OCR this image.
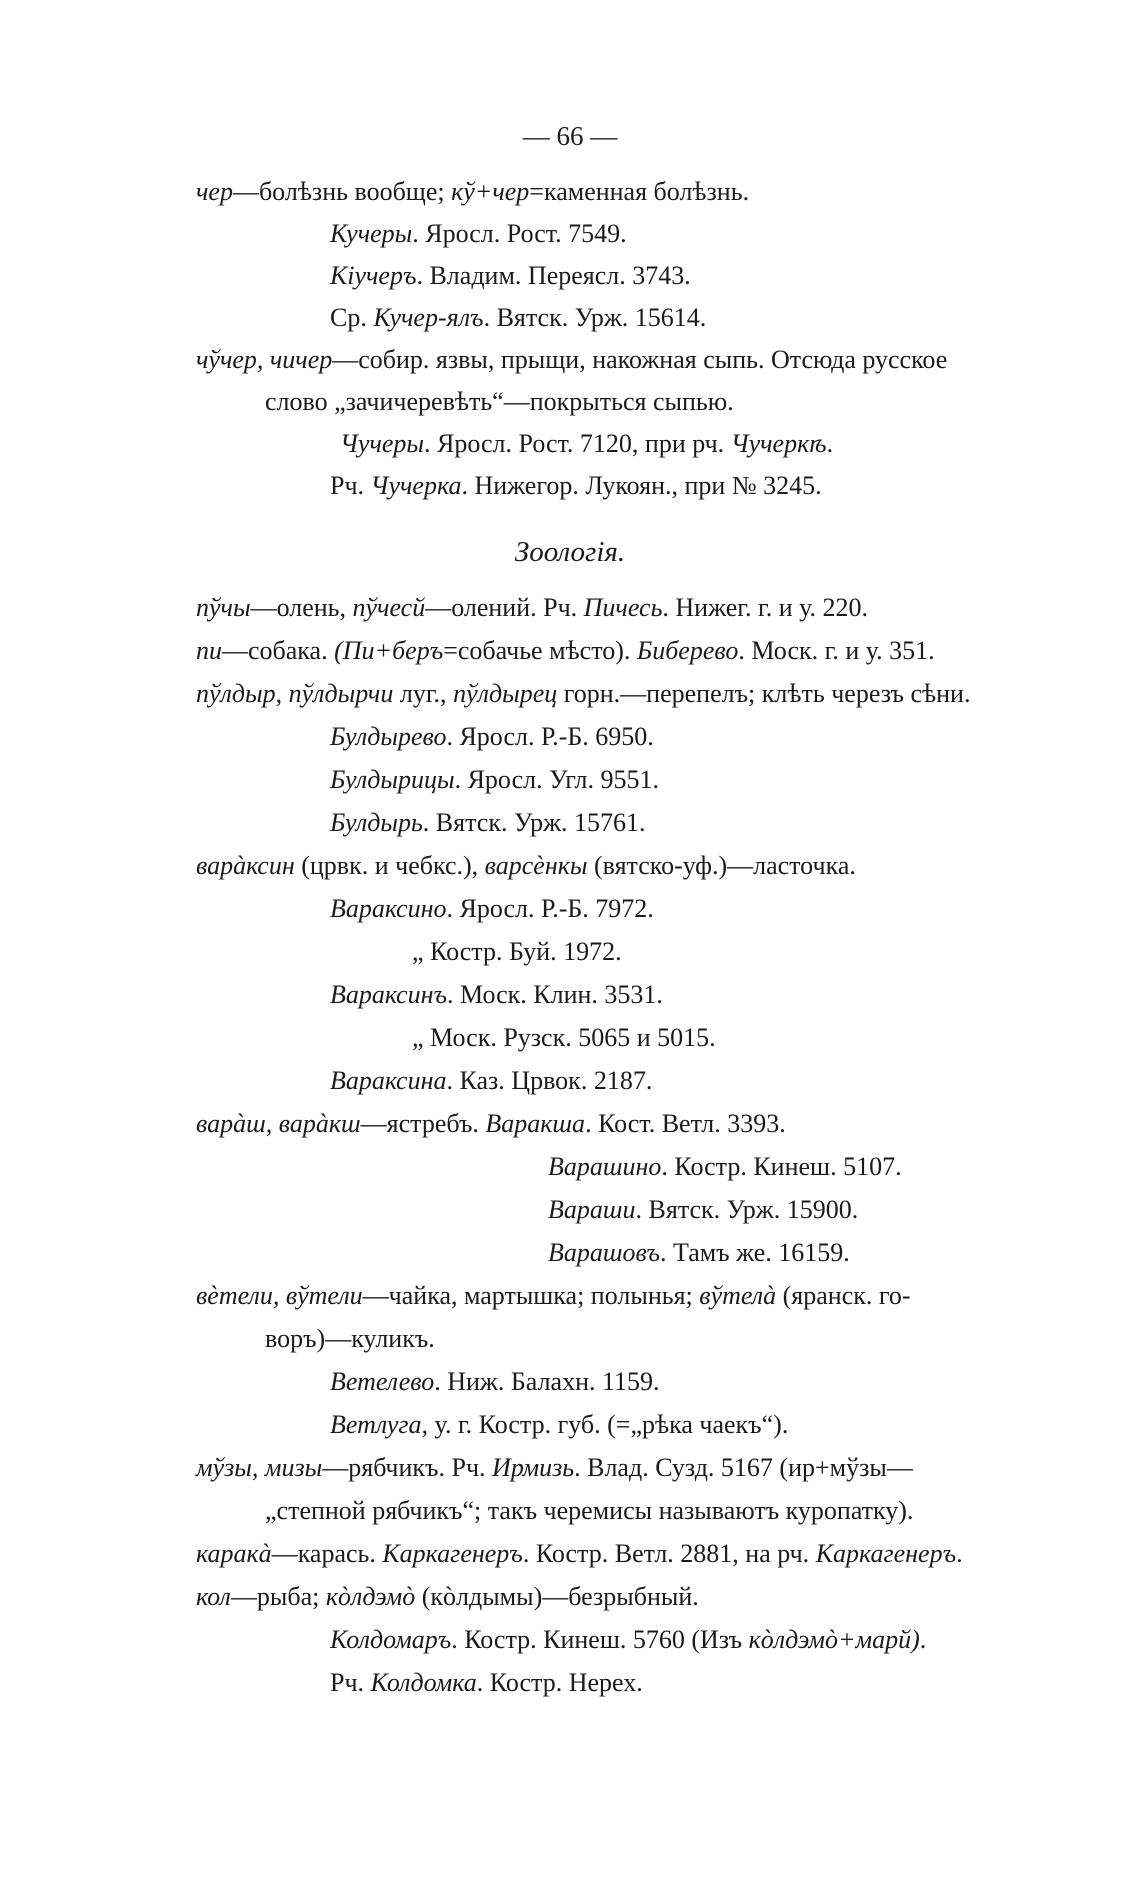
— 66 —
Зоологія.
чер—болѣзнь вообще; кў+чер=каменная болѣзнь.
Кучеры. Яросл. Рост. 7549.
Кіучеръ. Владим. Переясл. 3743.
Ср. Кучер-ялъ. Вятск. Урж. 15614.
чўчер, чичер—собир. язвы, прыщи, накожная сыпь. Отсюда русское
слово „зачичеревѣть“—покрыться сыпью.
Чучеры. Яросл. Рост. 7120, при рч. Чучеркѣ.
Рч. Чучерка. Нижегор. Лукоян., при № 3245.
пўчы—олень, пўчесй—олений. Рч. Пичесь. Нижег. г. и у. 220.
пи—собака. (Пи+беръ=собачье мѣсто). Биберево. Моск. г. и у. 351.
пўлдыр, пўлдырчи луг., пўлдырец горн.—перепелъ; клѣть черезъ сѣни.
Булдырево. Яросл. Р.-Б. 6950.
Булдырицы. Яросл. Угл. 9551.
Булдырь. Вятск. Урж. 15761.
варàксин (црвк. и чебкс.), варсѐнкы (вятско-уф.)—ласточка.
Вараксино. Яросл. Р.-Б. 7972.
„ Костр. Буй. 1972.
Вараксинъ. Моск. Клин. 3531.
„ Моск. Рузск. 5065 и 5015.
Вараксина. Каз. Црвок. 2187.
варàш, варàкш—ястребъ. Варакша. Кост. Ветл. 3393.
Варашино. Костр. Кинеш. 5107.
Вараши. Вятск. Урж. 15900.
Варашовъ. Тамъ же. 16159.
вѐтели, вўтели—чайка, мартышка; полынья; вўтелà (яранск. го-
воръ)—куликъ.
Ветелево. Ниж. Балахн. 1159.
Ветлуга, у. г. Костр. губ. (=„рѣка чаекъ“).
мўзы, мизы—рябчикъ. Рч. Ирмизь. Влад. Сузд. 5167 (ир+мўзы—
„степной рябчикъ“; такъ черемисы называютъ куропатку).
каракà—карась. Каркагенеръ. Костр. Ветл. 2881, на рч. Каркагенеръ.
кол—рыба; кòлдэмò (кòлдымы)—безрыбный.
Колдомаръ. Костр. Кинеш. 5760 (Изъ кòлдэмò+марй).
Рч. Колдомка. Костр. Нерех.
